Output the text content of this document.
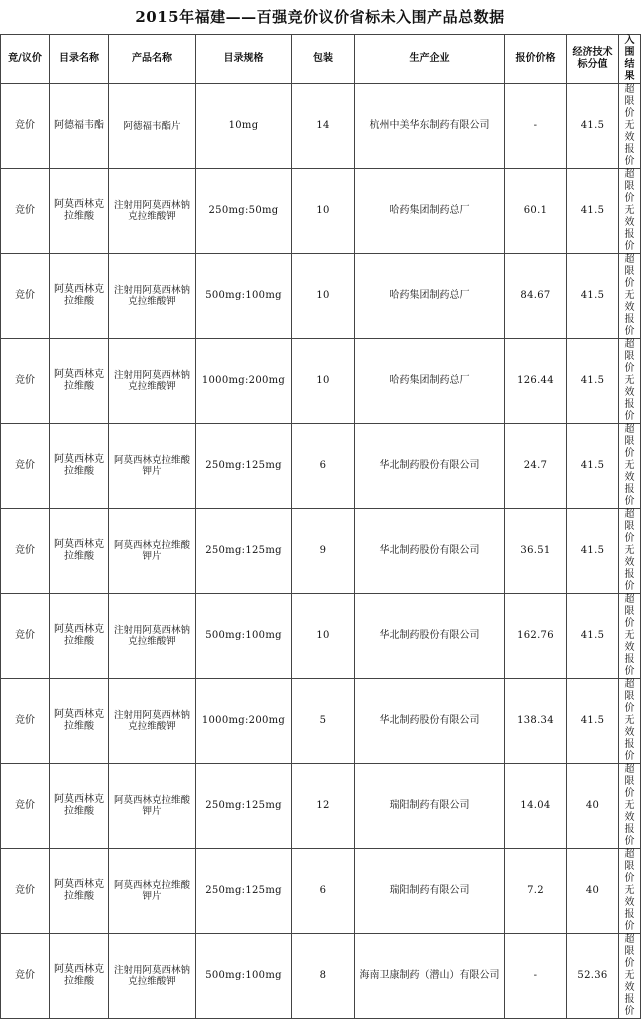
2015年福建——百强竞价议价省标未入围产品总数据
竞/议价	目录名称	产品名称	目录规格	包装	生产企业	报价价格	经济技术标分值	入围结果
竞价	阿德福韦酯	阿德福韦酯片	10mg	14	杭州中美华东制药有限公司	-	41.5	超限价无效报价
竞价	阿莫西林克拉维酸	注射用阿莫西林钠克拉维酸钾	250mg:50mg	10	哈药集团制药总厂	60.1	41.5	超限价无效报价
竞价	阿莫西林克拉维酸	注射用阿莫西林钠克拉维酸钾	500mg:100mg	10	哈药集团制药总厂	84.67	41.5	超限价无效报价
竞价	阿莫西林克拉维酸	注射用阿莫西林钠克拉维酸钾	1000mg:200mg	10	哈药集团制药总厂	126.44	41.5	超限价无效报价
竞价	阿莫西林克拉维酸	阿莫西林克拉维酸钾片	250mg:125mg	6	华北制药股份有限公司	24.7	41.5	超限价无效报价
竞价	阿莫西林克拉维酸	阿莫西林克拉维酸钾片	250mg:125mg	9	华北制药股份有限公司	36.51	41.5	超限价无效报价
竞价	阿莫西林克拉维酸	注射用阿莫西林钠克拉维酸钾	500mg:100mg	10	华北制药股份有限公司	162.76	41.5	超限价无效报价
竞价	阿莫西林克拉维酸	注射用阿莫西林钠克拉维酸钾	1000mg:200mg	5	华北制药股份有限公司	138.34	41.5	超限价无效报价
竞价	阿莫西林克拉维酸	阿莫西林克拉维酸钾片	250mg:125mg	12	瑞阳制药有限公司	14.04	40	超限价无效报价
竞价	阿莫西林克拉维酸	阿莫西林克拉维酸钾片	250mg:125mg	6	瑞阳制药有限公司	7.2	40	超限价无效报价
竞价	阿莫西林克拉维酸	注射用阿莫西林钠克拉维酸钾	500mg:100mg	8	海南卫康制药（潜山）有限公司	-	52.36	超限价无效报价
